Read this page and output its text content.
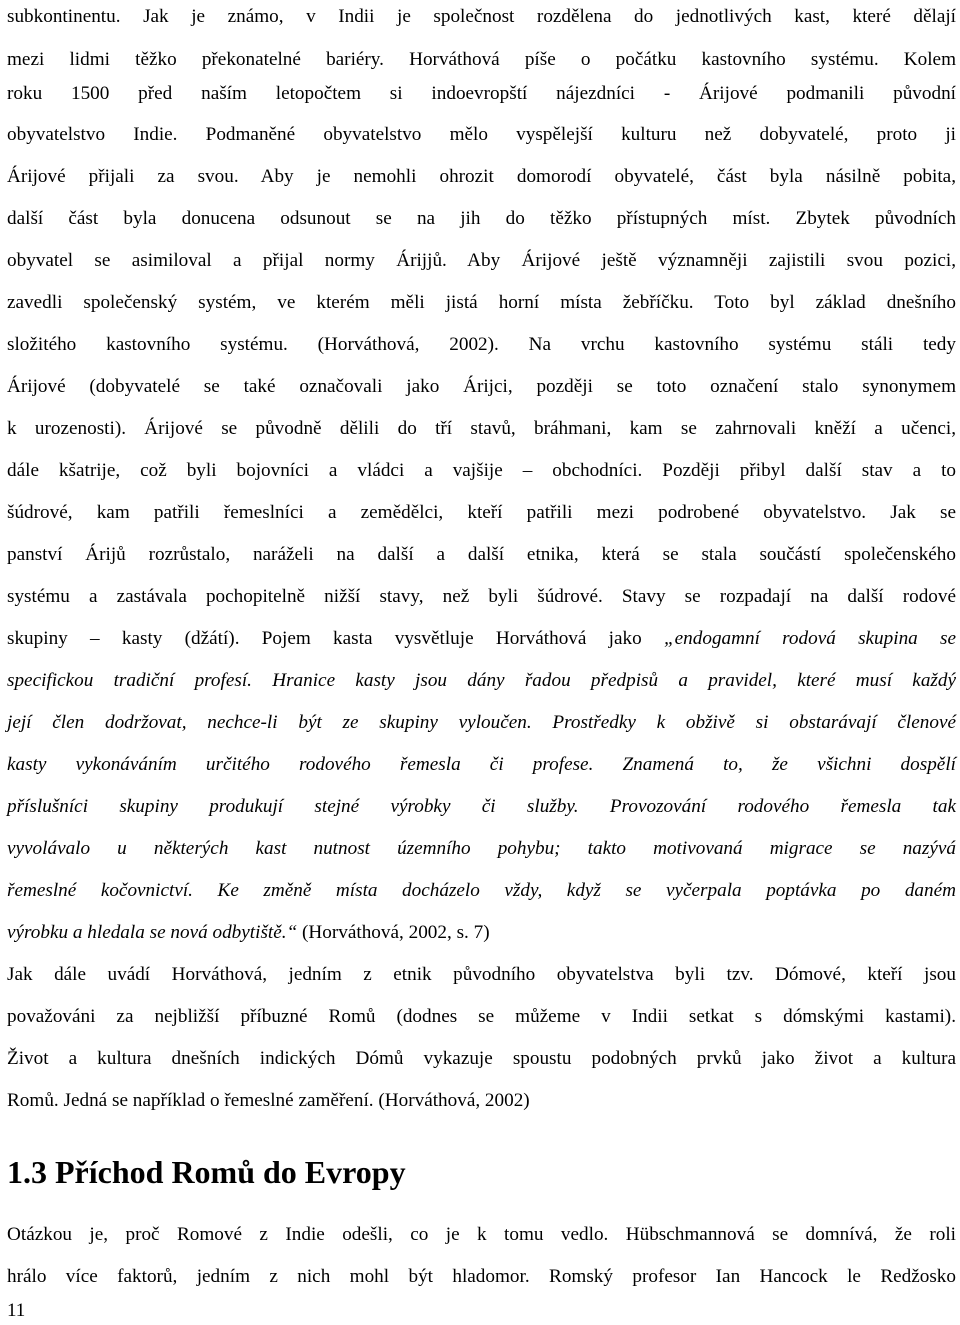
subkontinentu. Jak je známo, v Indii je společnost rozdělena do jednotlivých kast, které dělají
mezi lidmi těžko překonatelné bariéry. Horváthová píše o počátku kastovního systému. Kolem
roku 1500 před naším letopočtem si indoevropští nájezdníci - Árijové podmanili původní
obyvatelstvo Indie. Podmaněné obyvatelstvo mělo vyspělejší kulturu než dobyvatelé, proto ji
Árijové přijali za svou. Aby je nemohli ohrozit domorodí obyvatelé, část byla násilně pobita,
další část byla donucena odsunout se na jih do těžko přístupných míst. Zbytek původních
obyvatel se asimiloval a přijal normy Árijjů. Aby Árijové ještě významněji zajistili svou pozici,
zavedli společenský systém, ve kterém měli jistá horní místa žebříčku. Toto byl základ dnešního
složitého kastovního systému. (Horváthová, 2002). Na vrchu kastovního systému stáli tedy
Árijové (dobyvatelé se také označovali jako Árijci, později se toto označení stalo synonymem
k urozenosti). Árijové se původně dělili do tří stavů, bráhmani, kam se zahrnovali kněží a učenci,
dále kšatrije, což byli bojovníci a vládci a vajšije – obchodníci. Později přibyl další stav a to
šúdrové, kam patřili řemeslníci a zemědělci, kteří patřili mezi podrobené obyvatelstvo. Jak se
panství Árijů rozrůstalo, naráželi na další a další etnika, která se stala součástí společenského
systému a zastávala pochopitelně nižší stavy, než byli šúdrové. Stavy se rozpadají na další rodové
skupiny – kasty (džátí). Pojem kasta vysvětluje Horváthová jako „endogamní rodová skupina se
specifickou tradiční profesí. Hranice kasty jsou dány řadou předpisů a pravidel, které musí každý
její člen dodržovat, nechce-li být ze skupiny vyloučen. Prostředky k obživě si obstarávají členové
kasty vykonáváním určitého rodového řemesla či profese. Znamená to, že všichni dospělí
příslušníci skupiny produkují stejné výrobky či služby. Provozování rodového řemesla tak
vyvolávalo u některých kast nutnost územního pohybu; takto motivovaná migrace se nazývá
řemeslné kočovnictví. Ke změně místa docházelo vždy, když se vyčerpala poptávka po daném
výrobku a hledala se nová odbytiště.“ (Horváthová, 2002, s. 7)
Jak dále uvádí Horváthová, jedním z etnik původního obyvatelstva byli tzv. Dómové, kteří jsou
považováni za nejbližší příbuzné Romů (dodnes se můžeme v Indii setkat s dómskými kastami).
Život a kultura dnešních indických Dómů vykazuje spoustu podobných prvků jako život a kultura
Romů. Jedná se například o řemeslné zaměření. (Horváthová, 2002)
1.3 Příchod Romů do Evropy
Otázkou je, proč Romové z Indie odešli, co je k tomu vedlo. Hübschmannová se domnívá, že roli
hrálo více faktorů, jedním z nich mohl být hladomor. Romský profesor Ian Hancock le Redžosko
11
